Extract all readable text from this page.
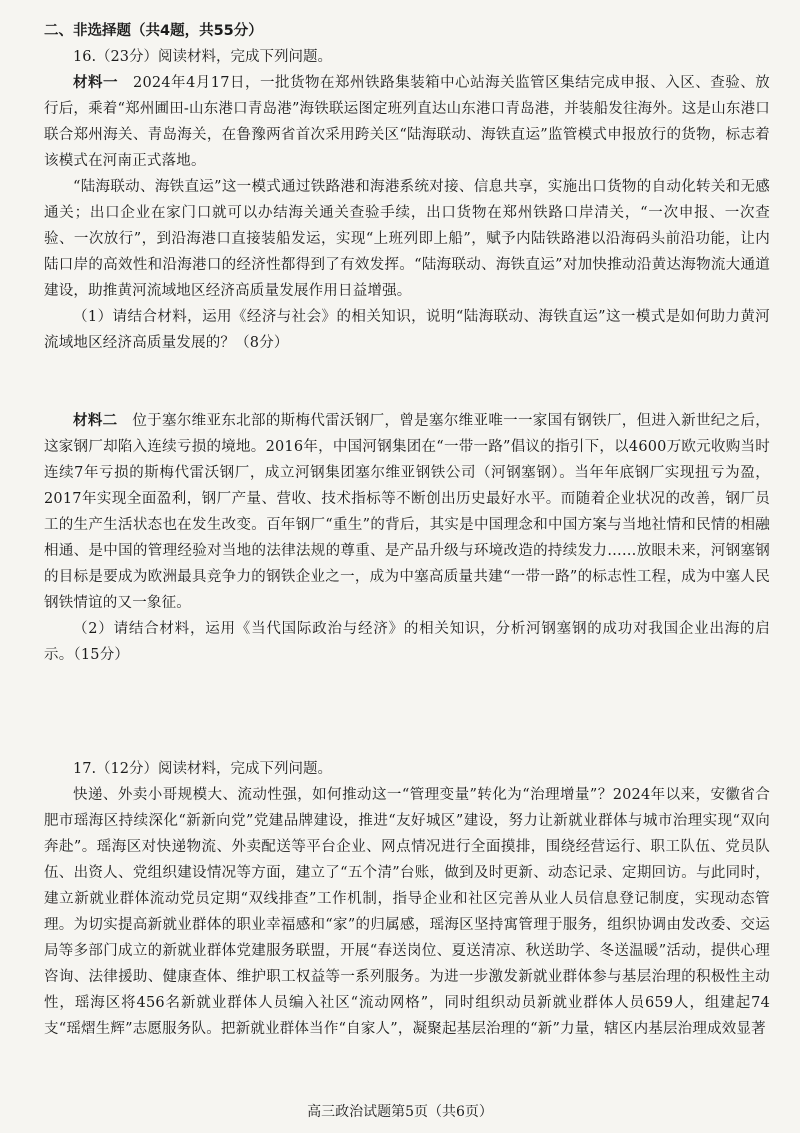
二、非选择题（共4题，共55分）

16.（23分）阅读材料，完成下列问题。

材料一　 2024年4月17日，一批货物在郑州铁路集装箱中心站海关监管区集结完成申报、入区、查验、放行后，乘着“郑州圃田-山东港口青岛港”海铁联运图定班列直达山东港口青岛港，并装船发往海外。这是山东港口联合郑州海关、青岛海关，在鲁豫两省首次采用跨关区“陆海联动、海铁直运”监管模式申报放行的货物，标志着该模式在河南正式落地。

“陆海联动、海铁直运”这一模式通过铁路港和海港系统对接、信息共享，实施出口货物的自动化转关和无感通关；出口企业在家门口就可以办结海关通关查验手续，出口货物在郑州铁路口岸清关，“一次申报、一次查验、一次放行”，到沿海港口直接装船发运，实现“上班列即上船”，赋予内陆铁路港以沿海码头前沿功能，让内陆口岸的高效性和沿海港口的经济性都得到了有效发挥。“陆海联动、海铁直运”对加快推动沿黄达海物流大通道建设，助推黄河流域地区经济高质量发展作用日益增强。

（1）请结合材料，运用《经济与社会》的相关知识，说明“陆海联动、海铁直运”这一模式是如何助力黄河流域地区经济高质量发展的？（8分）

材料二　 位于塞尔维亚东北部的斯梅代雷沃钢厂，曾是塞尔维亚唯一一家国有钢铁厂，但进入新世纪之后，这家钢厂却陷入连续亏损的境地。2016年，中国河钢集团在“一带一路”倡议的指引下，以4600万欧元收购当时连续7年亏损的斯梅代雷沃钢厂，成立河钢集团塞尔维亚钢铁公司（河钢塞钢）。当年年底钢厂实现扭亏为盈，2017年实现全面盈利，钢厂产量、营收、技术指标等不断创出历史最好水平。而随着企业状况的改善，钢厂员工的生产生活状态也在发生改变。百年钢厂“重生”的背后，其实是中国理念和中国方案与当地社情和民情的相融相通、是中国的管理经验对当地的法律法规的尊重、是产品升级与环境改造的持续发力……放眼未来，河钢塞钢的目标是要成为欧洲最具竞争力的钢铁企业之一，成为中塞高质量共建“一带一路”的标志性工程，成为中塞人民钢铁情谊的又一象征。

（2）请结合材料，运用《当代国际政治与经济》的相关知识，分析河钢塞钢的成功对我国企业出海的启示。（15分）

17.（12分）阅读材料，完成下列问题。

快递、外卖小哥规模大、流动性强，如何推动这一“管理变量”转化为“治理增量”？2024年以来，安徽省合肥市瑶海区持续深化“新新向党”党建品牌建设，推进“友好城区”建设，努力让新就业群体与城市治理实现“双向奔赴”。瑶海区对快递物流、外卖配送等平台企业、网点情况进行全面摸排，围绕经营运行、职工队伍、党员队伍、出资人、党组织建设情况等方面，建立了“五个清”台账，做到及时更新、动态记录、定期回访。与此同时，建立新就业群体流动党员定期“双线排查”工作机制，指导企业和社区完善从业人员信息登记制度，实现动态管理。为切实提高新就业群体的职业幸福感和“家”的归属感，瑶海区坚持寓管理于服务，组织协调由发改委、交运局等多部门成立的新就业群体党建服务联盟，开展“春送岗位、夏送清凉、秋送助学、冬送温暖”活动，提供心理咨询、法律援助、健康查体、维护职工权益等一系列服务。为进一步激发新就业群体参与基层治理的积极性主动性，瑶海区将456名新就业群体人员编入社区“流动网格”，同时组织动员新就业群体人员659人，组建起74支“瑶熠生辉”志愿服务队。把新就业群体当作“自家人”，凝聚起基层治理的“新”力量，辖区内基层治理成效显著

高三政治试题第5页（共6页）
